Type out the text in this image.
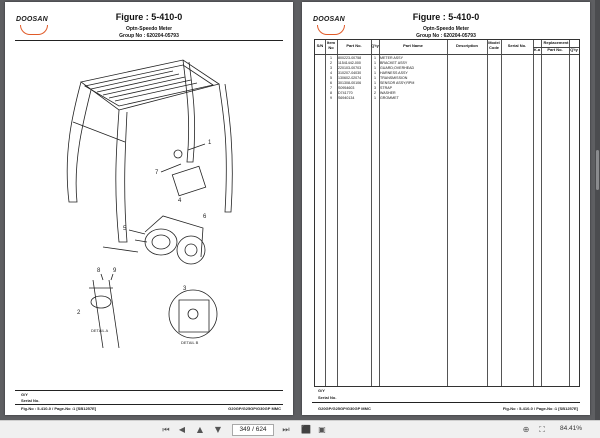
DOOSAN	Figure : 5-410-0
Optn-Speedo Meter
Group No : 620204-05793
7
1
4
5
8 9
3
6
2
DETAIL A
DETAIL B
G/Y
Serial No.
Fig-No : 5-410-0 / Page-No :1 [SB1257E]	G20GP/G25GP/G30GP MMC
DOOSAN	Figure : 5-410-0
Optn-Speedo Meter
Group No : 620204-05793
S/N
Item No	Part No.	Q'ty	Part Name	Description
Model Code	Serial No.
Replacement
K.a	Part No.	Q'ty
1	800223-00758	1	METER ASSY
2	11541442-000	1	BRACKET ASSY
3	220103-00703	1	GUARD;OVERHEAD
4	310207-04030	1	HARNESS ASSY
5	130602-02074	1	TRANSMISSION
6	301308-00106	1	SENSOR ASSY;RPM
7	S0954603	3	STRAP
8	D741770	2	WASHER
9	S6940134	1	GROMMET
G/Y
Serial No.
G20GP/G25GP/G30GP MMC	Fig-No : 5-410-0 / Page-No :1 [SB1257E]
⏮	◀	▲	▼	349 / 624	⏭	⬛ ▣	⊕	⛶	84.41%
